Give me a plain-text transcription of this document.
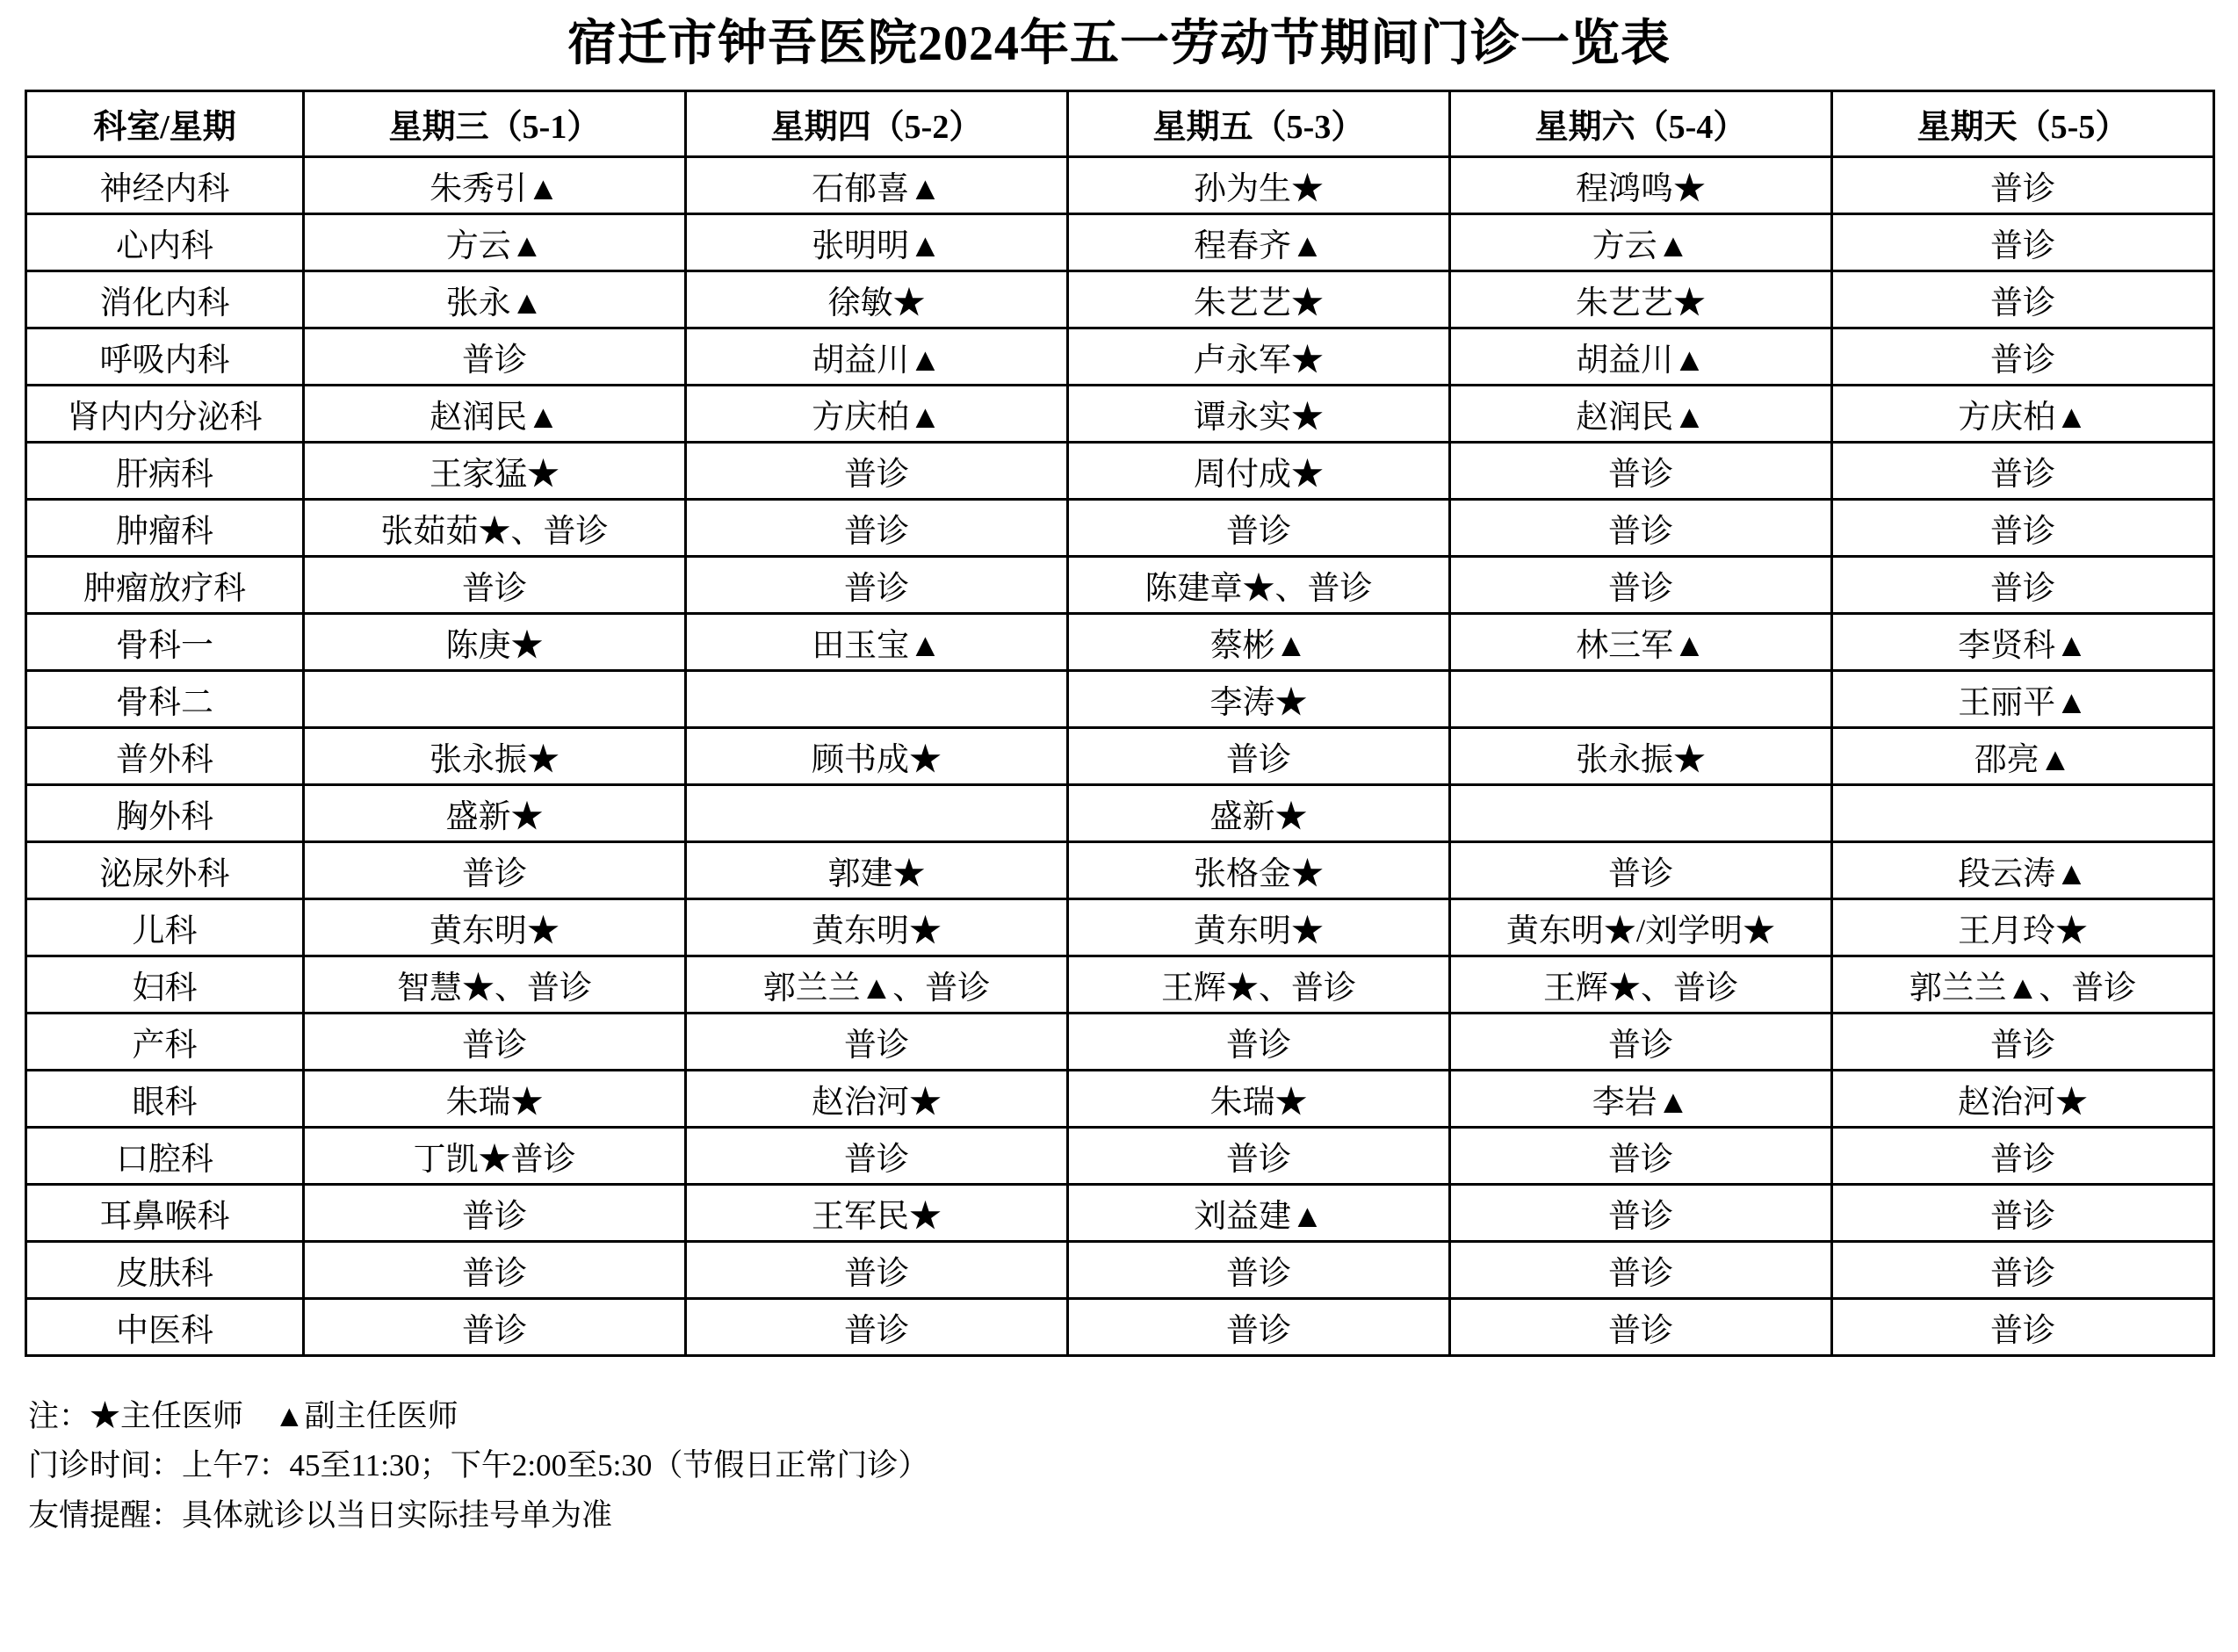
宿迁市钟吾医院2024年五一劳动节期间门诊一览表
科室/星期	星期三（5-1）	星期四（5-2）	星期五（5-3）	星期六（5-4）	星期天（5-5）
神经内科	朱秀引▲	石郁喜▲	孙为生★	程鸿鸣★	普诊
心内科	方云▲	张明明▲	程春齐▲	方云▲	普诊
消化内科	张永▲	徐敏★	朱艺艺★	朱艺艺★	普诊
呼吸内科	普诊	胡益川▲	卢永军★	胡益川▲	普诊
肾内内分泌科	赵润民▲	方庆柏▲	谭永实★	赵润民▲	方庆柏▲
肝病科	王家猛★	普诊	周付成★	普诊	普诊
肿瘤科	张茹茹★、普诊	普诊	普诊	普诊	普诊
肿瘤放疗科	普诊	普诊	陈建章★、普诊	普诊	普诊
骨科一	陈庚★	田玉宝▲	蔡彬▲	林三军▲	李贤科▲
骨科二			李涛★		王丽平▲
普外科	张永振★	顾书成★	普诊	张永振★	邵亮▲
胸外科	盛新★		盛新★		
泌尿外科	普诊	郭建★	张格金★	普诊	段云涛▲
儿科	黄东明★	黄东明★	黄东明★	黄东明★/刘学明★	王月玲★
妇科	智慧★、普诊	郭兰兰▲、普诊	王辉★、普诊	王辉★、普诊	郭兰兰▲、普诊
产科	普诊	普诊	普诊	普诊	普诊
眼科	朱瑞★	赵治河★	朱瑞★	李岩▲	赵治河★
口腔科	丁凯★普诊	普诊	普诊	普诊	普诊
耳鼻喉科	普诊	王军民★	刘益建▲	普诊	普诊
皮肤科	普诊	普诊	普诊	普诊	普诊
中医科	普诊	普诊	普诊	普诊	普诊
注：★主任医师　▲副主任医师
门诊时间：上午7：45至11:30；下午2:00至5:30（节假日正常门诊）
友情提醒：具体就诊以当日实际挂号单为准
